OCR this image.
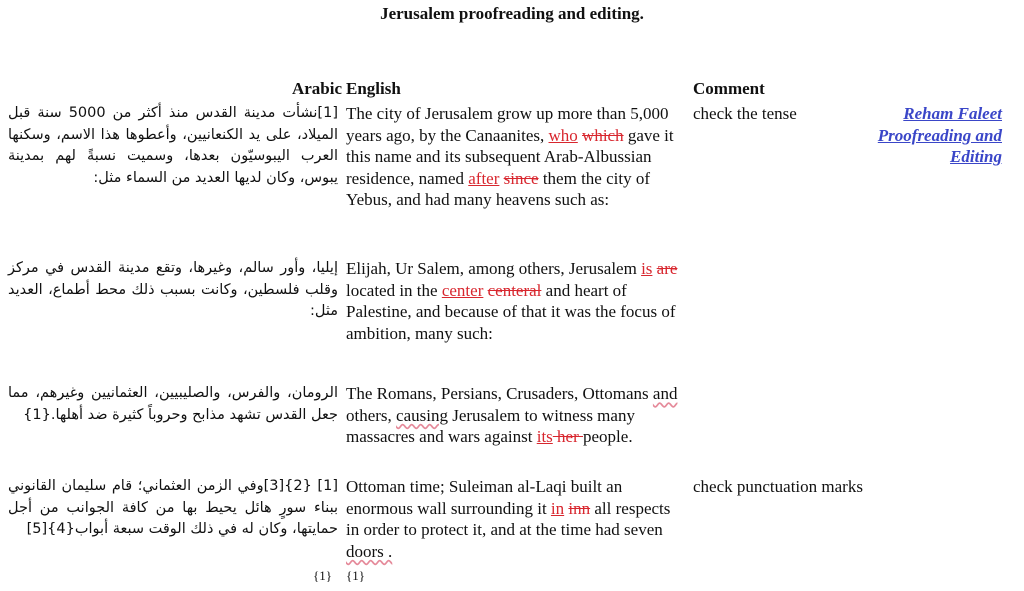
Jerusalem proofreading and editing.
Arabic English	Comment
Reham Faleet
Proofreading and
Editing
[1]نشأت مدينة القدس منذ أكثر من 5000 سنة قبل الميلاد، على يد الكنعانيين، وأعطوها هذا الاسم، وسكنها العرب اليبوسيّون بعدها، وسميت نسبةً لهم بمدينة يبوس، وكان لديها العديد من السماء مثل:
The city of Jerusalem grow up more than 5,000 years ago, by the Canaanites, who which gave it this name and its subsequent Arab-Albussian residence, named after since them the city of Yebus, and had many heavens such as:
check the tense
إيليا، وأور سالم، وغيرها، وتقع مدينة القدس في مركز وقلب فلسطين، وكانت بسبب ذلك محط أطماع، العديد مثل:
Elijah, Ur Salem, among others, Jerusalem is are located in the center centeral and heart of Palestine, and because of that it was the focus of ambition, many such:
الرومان، والفرس، والصليبيين، العثمانيين وغيرهم، مما جعل القدس تشهد مذابح وحروباً كثيرة ضد أهلها.{1}
The Romans, Persians, Crusaders, Ottomans and others, causing Jerusalem to witness many massacres and wars against its her people.
[1] {2}[3]وفي الزمن العثماني؛ قام سليمان القانوني ببناء سورٍ هائل يحيط بها من كافة الجوانب من أجل حمايتها، وكان له في ذلك الوقت سبعة أبواب{4}[5]
Ottoman time; Suleiman al-Laqi built an enormous wall surrounding it in inn all respects in order to protect it, and at the time had seven doors .
check punctuation marks
{1} {1}
